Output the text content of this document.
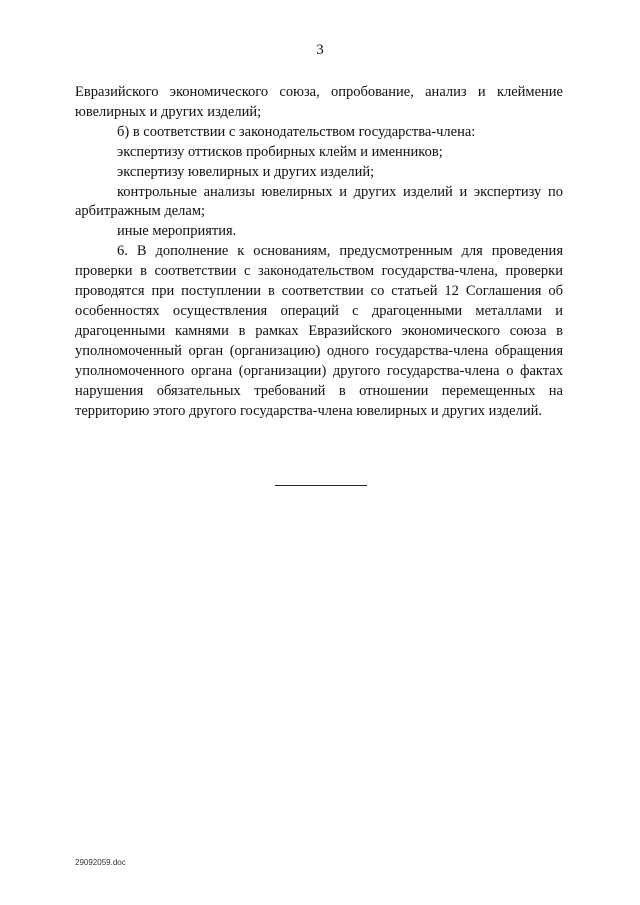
3

Евразийского экономического союза, опробование, анализ и клеймение ювелирных и других изделий;

б) в соответствии с законодательством государства-члена:

экспертизу оттисков пробирных клейм и именников;

экспертизу ювелирных и других изделий;

контрольные анализы ювелирных и других изделий и экспертизу по арбитражным делам;

иные мероприятия.

6. В дополнение к основаниям, предусмотренным для проведения проверки в соответствии с законодательством государства-члена, проверки проводятся при поступлении в соответствии со статьей 12 Соглашения об особенностях осуществления операций с драгоценными металлами и драгоценными камнями в рамках Евразийского экономического союза в уполномоченный орган (организацию) одного государства-члена обращения уполномоченного органа (организации) другого государства-члена о фактах нарушения обязательных требований в отношении перемещенных на территорию этого другого государства-члена ювелирных и других изделий.

29092059.doc
